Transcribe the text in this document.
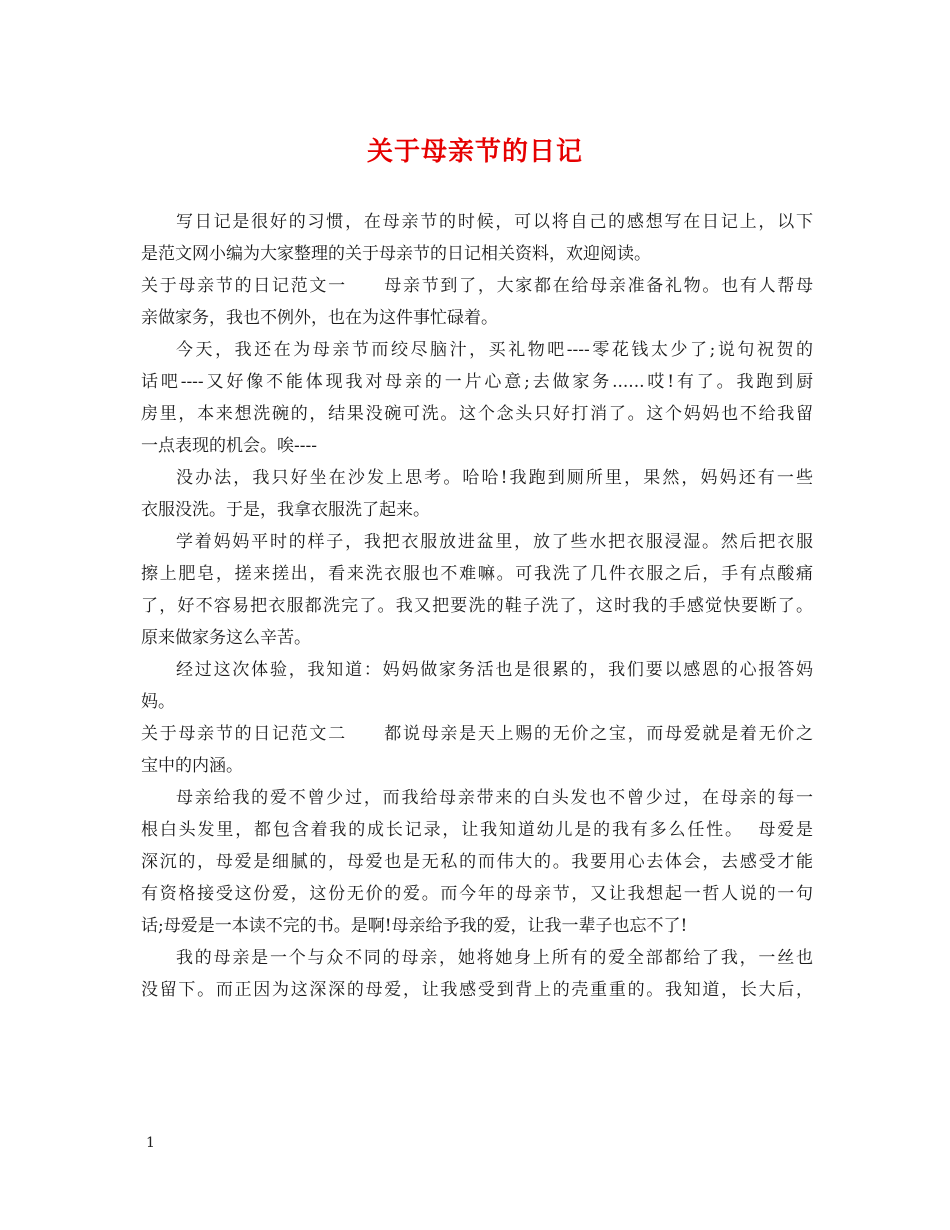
关于母亲节的日记
写日记是很好的习惯，在母亲节的时候，可以将自己的感想写在日记上，以下
是范文网小编为大家整理的关于母亲节的日记相关资料，欢迎阅读。
关于母亲节的日记范文一　　母亲节到了，大家都在给母亲准备礼物。也有人帮母
亲做家务，我也不例外，也在为这件事忙碌着。
今天，我还在为母亲节而绞尽脑汁，买礼物吧----零花钱太少了;说句祝贺的
话吧----又好像不能体现我对母亲的一片心意;去做家务......哎!有了。我跑到厨
房里，本来想洗碗的，结果没碗可洗。这个念头只好打消了。这个妈妈也不给我留
一点表现的机会。唉----
没办法，我只好坐在沙发上思考。哈哈!我跑到厕所里，果然，妈妈还有一些
衣服没洗。于是，我拿衣服洗了起来。
学着妈妈平时的样子，我把衣服放进盆里，放了些水把衣服浸湿。然后把衣服
擦上肥皂，搓来搓出，看来洗衣服也不难嘛。可我洗了几件衣服之后，手有点酸痛
了，好不容易把衣服都洗完了。我又把要洗的鞋子洗了，这时我的手感觉快要断了。
原来做家务这么辛苦。
经过这次体验，我知道：妈妈做家务活也是很累的，我们要以感恩的心报答妈
妈。
关于母亲节的日记范文二　　都说母亲是天上赐的无价之宝，而母爱就是着无价之
宝中的内涵。
母亲给我的爱不曾少过，而我给母亲带来的白头发也不曾少过，在母亲的每一
根白头发里，都包含着我的成长记录，让我知道幼儿是的我有多么任性。  母爱是
深沉的，母爱是细腻的，母爱也是无私的而伟大的。我要用心去体会，去感受才能
有资格接受这份爱，这份无价的爱。而今年的母亲节，又让我想起一哲人说的一句
话;母爱是一本读不完的书。是啊!母亲给予我的爱，让我一辈子也忘不了!
我的母亲是一个与众不同的母亲，她将她身上所有的爱全部都给了我，一丝也
没留下。而正因为这深深的母爱，让我感受到背上的壳重重的。我知道，长大后，
1
